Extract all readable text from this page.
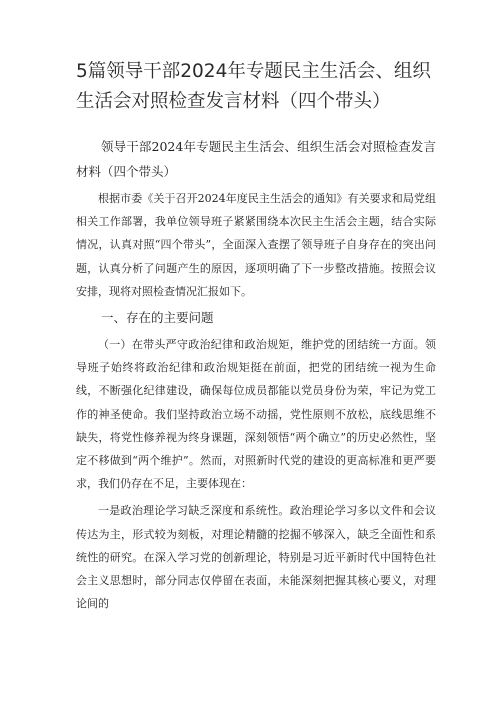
5篇领导干部2024年专题民主生活会、组织生活会对照检查发言材料（四个带头）

领导干部2024年专题民主生活会、组织生活会对照检查发言材料（四个带头）

根据市委《关于召开2024年度民主生活会的通知》有关要求和局党组相关工作部署，我单位领导班子紧紧围绕本次民主生活会主题，结合实际情况，认真对照“四个带头”，全面深入查摆了领导班子自身存在的突出问题，认真分析了问题产生的原因，逐项明确了下一步整改措施。按照会议安排，现将对照检查情况汇报如下。

一、存在的主要问题

（一）在带头严守政治纪律和政治规矩，维护党的团结统一方面。领导班子始终将政治纪律和政治规矩挺在前面，把党的团结统一视为生命线，不断强化纪律建设，确保每位成员都能以党员身份为荣，牢记为党工作的神圣使命。我们坚持政治立场不动摇，党性原则不放松，底线思维不缺失，将党性修养视为终身课题，深刻领悟“两个确立”的历史必然性，坚定不移做到“两个维护”。然而，对照新时代党的建设的更高标准和更严要求，我们仍存在不足，主要体现在：

一是政治理论学习缺乏深度和系统性。政治理论学习多以文件和会议传达为主，形式较为刻板，对理论精髓的挖掘不够深入，缺乏全面性和系统性的研究。在深入学习党的创新理论，特别是习近平新时代中国特色社会主义思想时，部分同志仅停留在表面，未能深刻把握其核心要义，对理论间的
